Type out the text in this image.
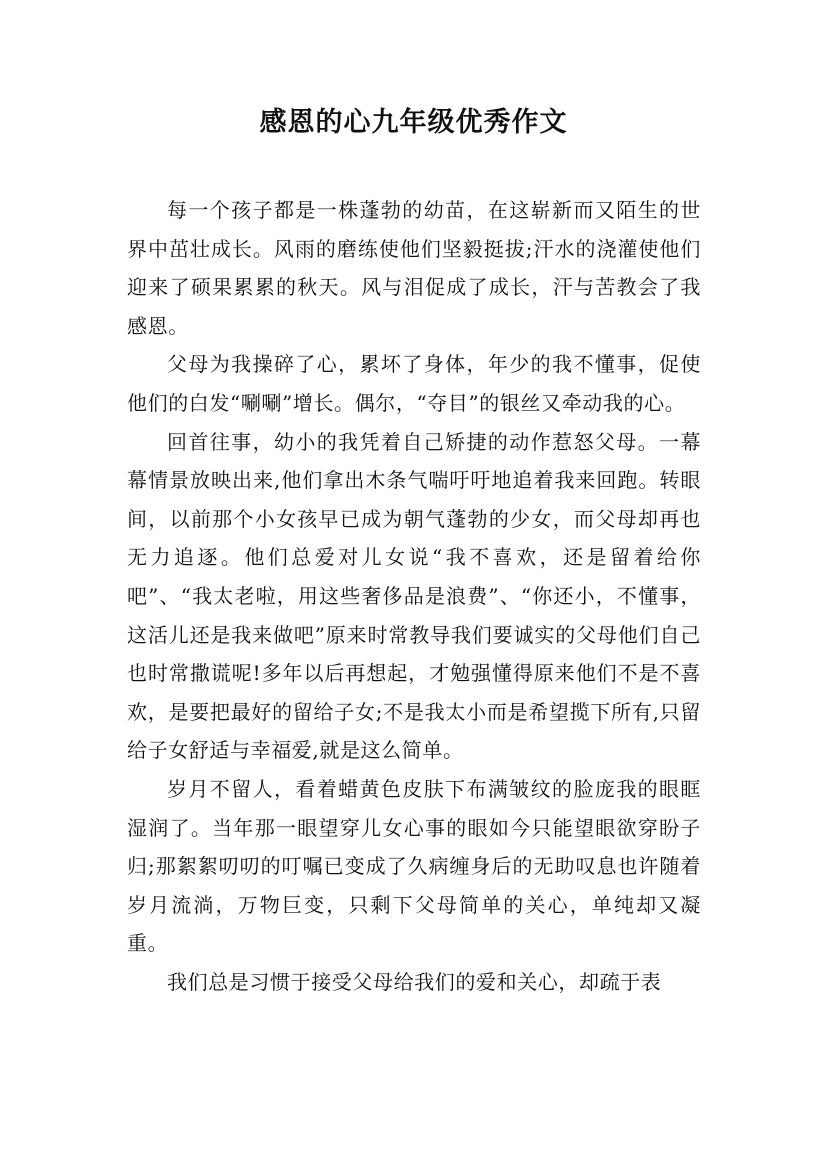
感恩的心九年级优秀作文

每一个孩子都是一株蓬勃的幼苗，在这崭新而又陌生的世界中茁壮成长。风雨的磨练使他们坚毅挺拔;汗水的浇灌使他们迎来了硕果累累的秋天。风与泪促成了成长，汗与苦教会了我感恩。

父母为我操碎了心，累坏了身体，年少的我不懂事，促使他们的白发“唰唰”增长。偶尔，“夺目”的银丝又牵动我的心。

回首往事，幼小的我凭着自己矫捷的动作惹怒父母。一幕幕情景放映出来,他们拿出木条气喘吁吁地追着我来回跑。转眼间，以前那个小女孩早已成为朝气蓬勃的少女，而父母却再也无力追逐。他们总爱对儿女说“我不喜欢，还是留着给你吧”、“我太老啦，用这些奢侈品是浪费”、“你还小，不懂事，这活儿还是我来做吧”原来时常教导我们要诚实的父母他们自己也时常撒谎呢!多年以后再想起，才勉强懂得原来他们不是不喜欢，是要把最好的留给子女;不是我太小而是希望揽下所有,只留给子女舒适与幸福爱,就是这么简单。

岁月不留人，看着蜡黄色皮肤下布满皱纹的脸庞我的眼眶湿润了。当年那一眼望穿儿女心事的眼如今只能望眼欲穿盼子归;那絮絮叨叨的叮嘱已变成了久病缠身后的无助叹息也许随着岁月流淌，万物巨变，只剩下父母简单的关心，单纯却又凝重。

我们总是习惯于接受父母给我们的爱和关心，却疏于表
